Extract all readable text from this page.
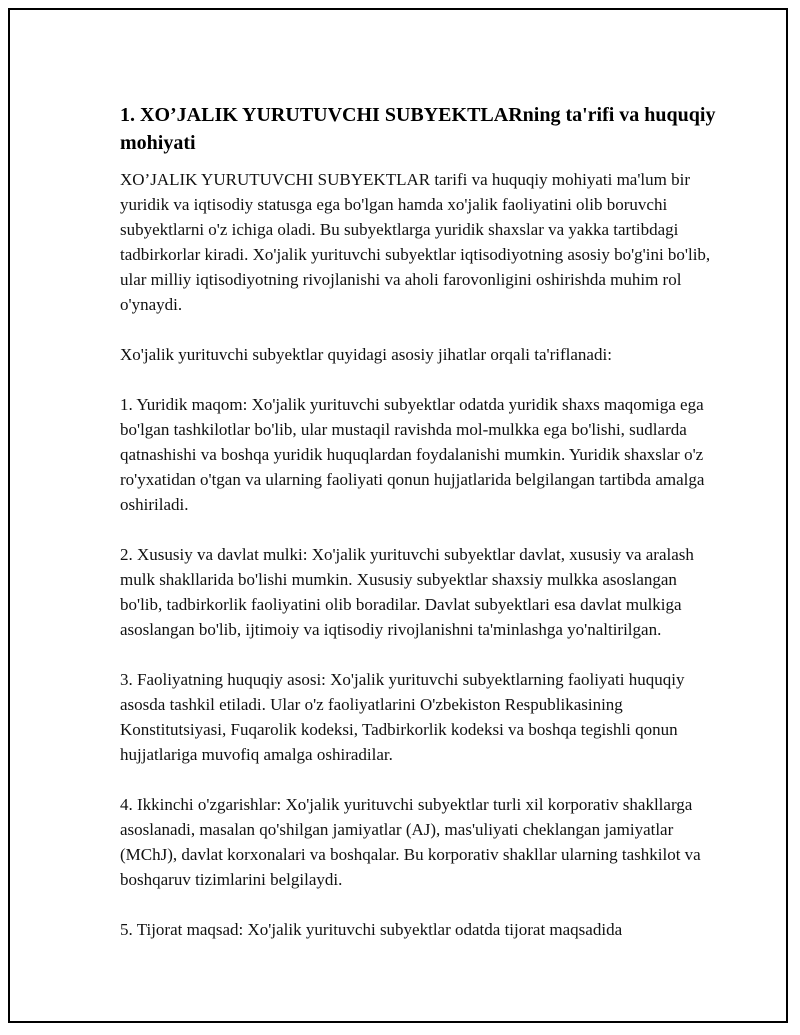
1. XO’JALIK YURUTUVCHI SUBYEKTLARning ta'rifi va huquqiy mohiyati

XO’JALIK YURUTUVCHI SUBYEKTLAR tarifi va huquqiy mohiyati ma'lum bir yuridik va iqtisodiy statusga ega bo'lgan hamda xo'jalik faoliyatini olib boruvchi subyektlarni o'z ichiga oladi. Bu subyektlarga yuridik shaxslar va yakka tartibdagi tadbirkorlar kiradi. Xo'jalik yurituvchi subyektlar iqtisodiyotning asosiy bo'g'ini bo'lib, ular milliy iqtisodiyotning rivojlanishi va aholi farovonligini oshirishda muhim rol o'ynaydi.

Xo'jalik yurituvchi subyektlar quyidagi asosiy jihatlar orqali ta'riflanadi:

1. Yuridik maqom: Xo'jalik yurituvchi subyektlar odatda yuridik shaxs maqomiga ega bo'lgan tashkilotlar bo'lib, ular mustaqil ravishda mol-mulkka ega bo'lishi, sudlarda qatnashishi va boshqa yuridik huquqlardan foydalanishi mumkin. Yuridik shaxslar o'z ro'yxatidan o'tgan va ularning faoliyati qonun hujjatlarida belgilangan tartibda amalga oshiriladi.

2. Xususiy va davlat mulki: Xo'jalik yurituvchi subyektlar davlat, xususiy va aralash mulk shakllarida bo'lishi mumkin. Xususiy subyektlar shaxsiy mulkka asoslangan bo'lib, tadbirkorlik faoliyatini olib boradilar. Davlat subyektlari esa davlat mulkiga asoslangan bo'lib, ijtimoiy va iqtisodiy rivojlanishni ta'minlashga yo'naltirilgan.

3. Faoliyatning huquqiy asosi: Xo'jalik yurituvchi subyektlarning faoliyati huquqiy asosda tashkil etiladi. Ular o'z faoliyatlarini O'zbekiston Respublikasining Konstitutsiyasi, Fuqarolik kodeksi, Tadbirkorlik kodeksi va boshqa tegishli qonun hujjatlariga muvofiq amalga oshiradilar.

4. Ikkinchi o'zgarishlar: Xo'jalik yurituvchi subyektlar turli xil korporativ shakllarga asoslanadi, masalan qo'shilgan jamiyatlar (AJ), mas'uliyati cheklangan jamiyatlar (MChJ), davlat korxonalari va boshqalar. Bu korporativ shakllar ularning tashkilot va boshqaruv tizimlarini belgilaydi.

5. Tijorat maqsad: Xo'jalik yurituvchi subyektlar odatda tijorat maqsadida
